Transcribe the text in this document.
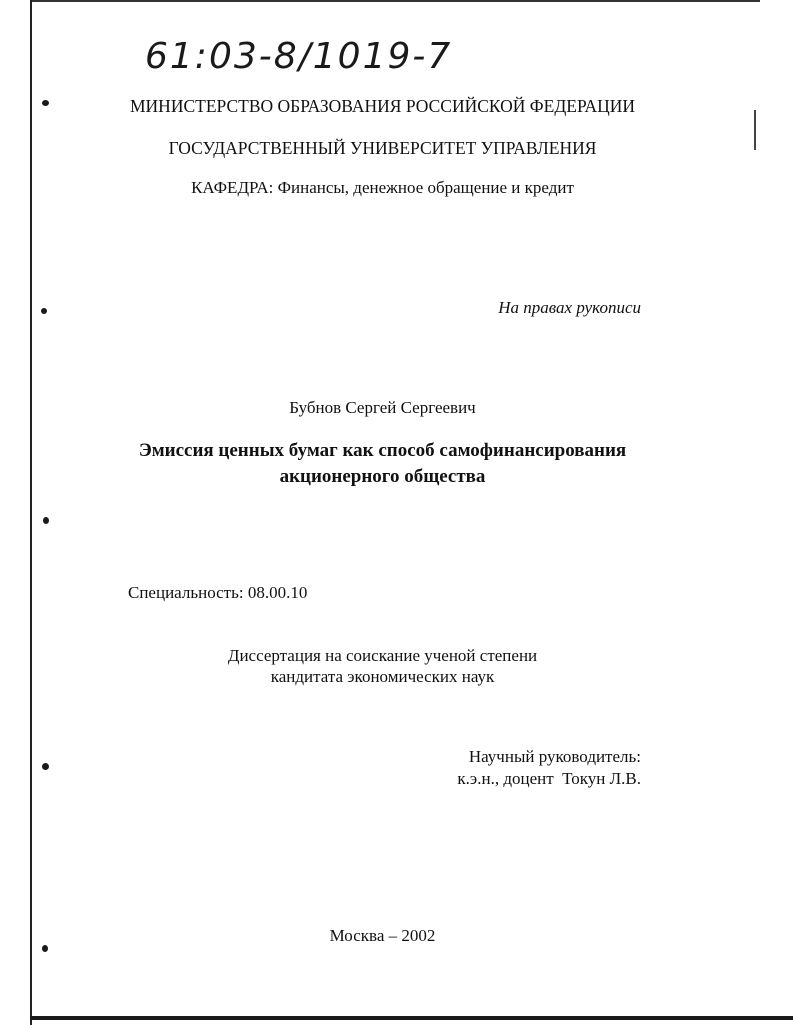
61:03-8/1019-7
МИНИСТЕРСТВО ОБРАЗОВАНИЯ РОССИЙСКОЙ ФЕДЕРАЦИИ
ГОСУДАРСТВЕННЫЙ УНИВЕРСИТЕТ УПРАВЛЕНИЯ
КАФЕДРА: Финансы, денежное обращение и кредит
На правах рукописи
Бубнов Сергей Сергеевич
Эмиссия ценных бумаг как способ самофинансирования
акционерного общества
Специальность: 08.00.10
Диссертация на соискание ученой степени
кандитата экономических наук
Научный руководитель:
к.э.н., доцент  Токун Л.В.
Москва – 2002
